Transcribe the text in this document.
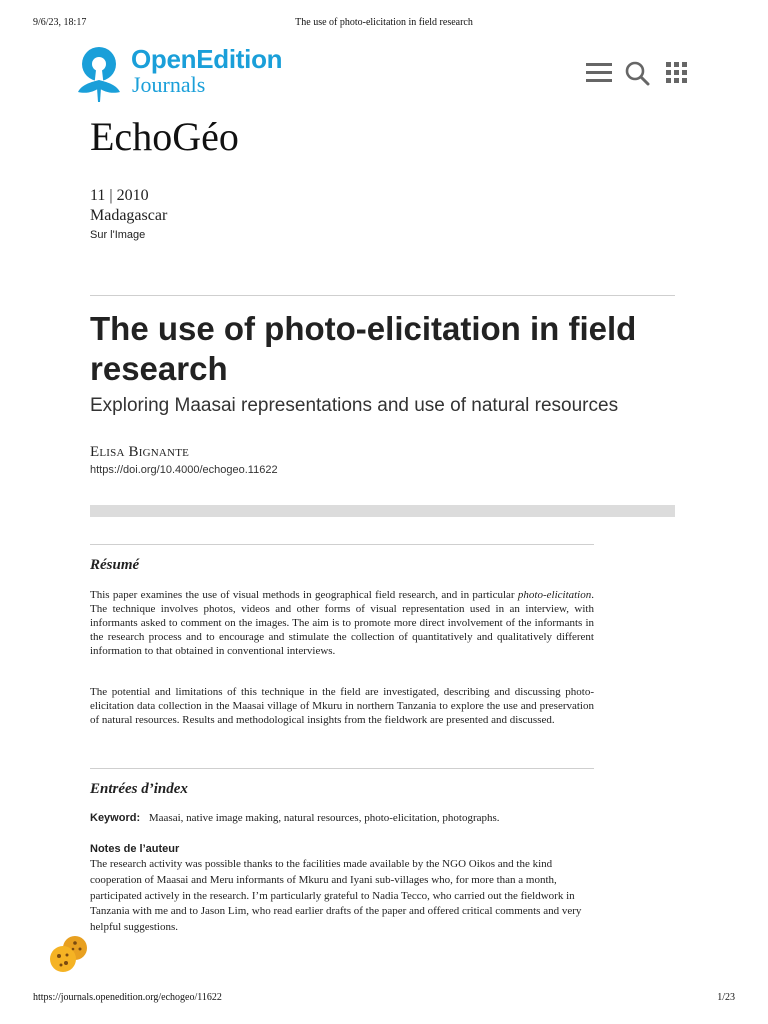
9/6/23, 18:17	The use of photo-elicitation in field research
OpenEdition
Journals
EchoGéo
11 | 2010
Madagascar
Sur l'Image
The use of photo-elicitation in field research
Exploring Maasai representations and use of natural resources
Elisa Bignante
https://doi.org/10.4000/echogeo.11622
Résumé

This paper examines the use of visual methods in geographical field research, and in particular photo-elicitation. The technique involves photos, videos and other forms of visual representation used in an interview, with informants asked to comment on the images. The aim is to promote more direct involvement of the informants in the research process and to encourage and stimulate the collection of quantitatively and qualitatively different information to that obtained in conventional interviews.

The potential and limitations of this technique in the field are investigated, describing and discussing photo-elicitation data collection in the Maasai village of Mkuru in northern Tanzania to explore the use and preservation of natural resources. Results and methodological insights from the fieldwork are presented and discussed.

Entrées d’index
Keyword: Maasai, native image making, natural resources, photo-elicitation, photographs.
Notes de l’auteur

The research activity was possible thanks to the facilities made available by the NGO Oikos and the kind cooperation of Maasai and Meru informants of Mkuru and Iyani sub-villages who, for more than a month, participated actively in the research. I’m particularly grateful to Nadia Tecco, who carried out the fieldwork in Tanzania with me and to Jason Lim, who read earlier drafts of the paper and offered critical comments and very helpful suggestions.

https://journals.openedition.org/echogeo/11622	1/23
